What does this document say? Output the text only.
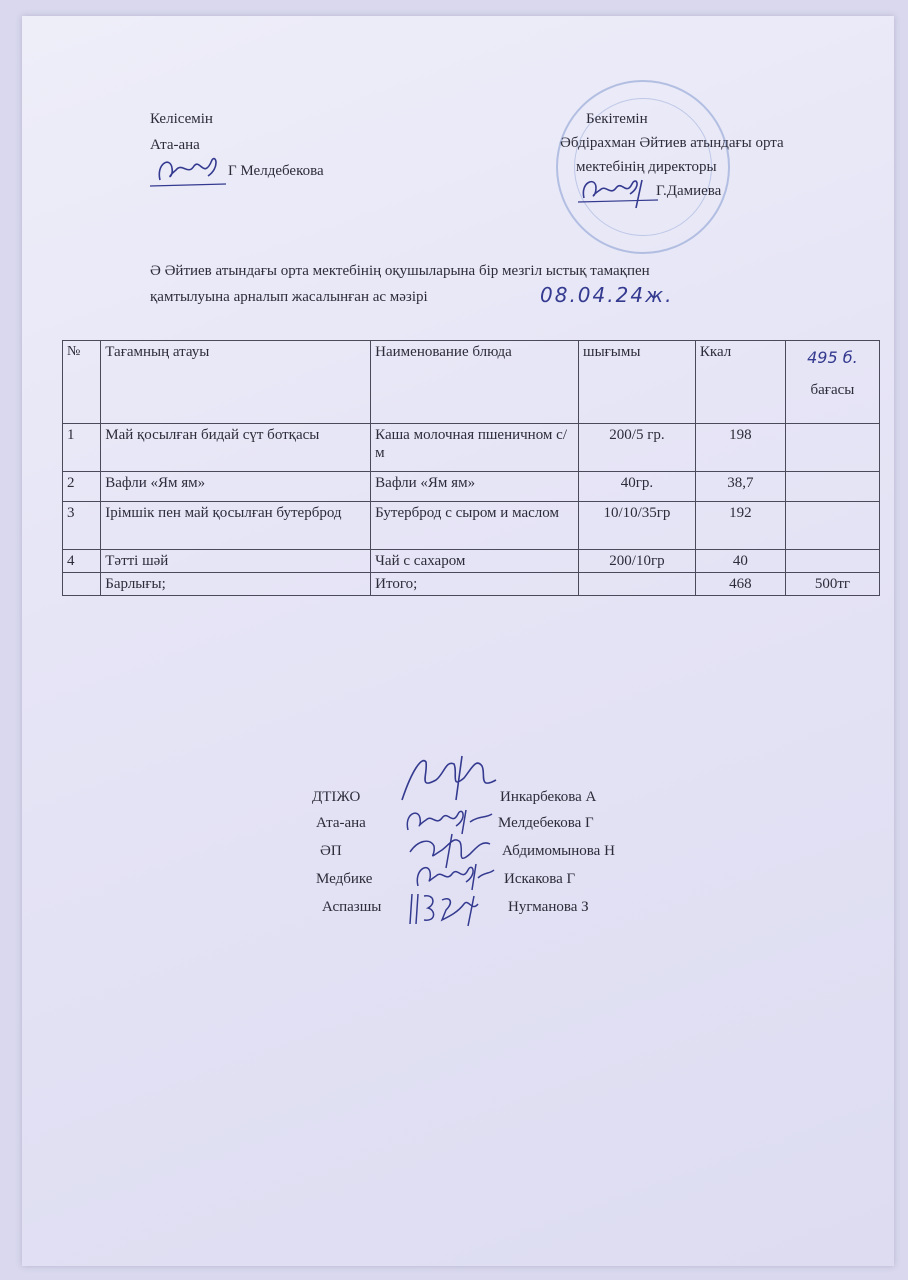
Келісемін
Ата-ана
Г Мелдебекова
Бекітемін
Әбдірахман Әйтиев атындағы орта
мектебінің директоры
Г.Дамиева
Ә Әйтиев атындағы орта мектебінің оқушыларына бір мезгіл ыстық тамақпен
қамтылуына арналып жасалынған ас мәзірі	08.04.24ж.
№	Тағамның атауы	Наименование блюда	шығымы	Ккал	495 б.
бағасы

1	Май қосылған бидай сүт ботқасы	Каша молочная пшеничном с/м	200/5 гр.	198	
2	Вафли «Ям ям»	Вафли «Ям ям»	40гр.	38,7	
3	Ірімшік пен май қосылған бутерброд	Бутерброд с сыром и маслом	10/10/35гр	192	
4	Тәтті шәй	Чай с сахаром	200/10гр	40	
	Барлығы;	Итого;		468	500тг
ДТІЖО	Инкарбекова А
Ата-ана	Мелдебекова Г
ӘП	Абдимомынова Н
Медбике	Искакова Г
Аспазшы	Нугманова З
